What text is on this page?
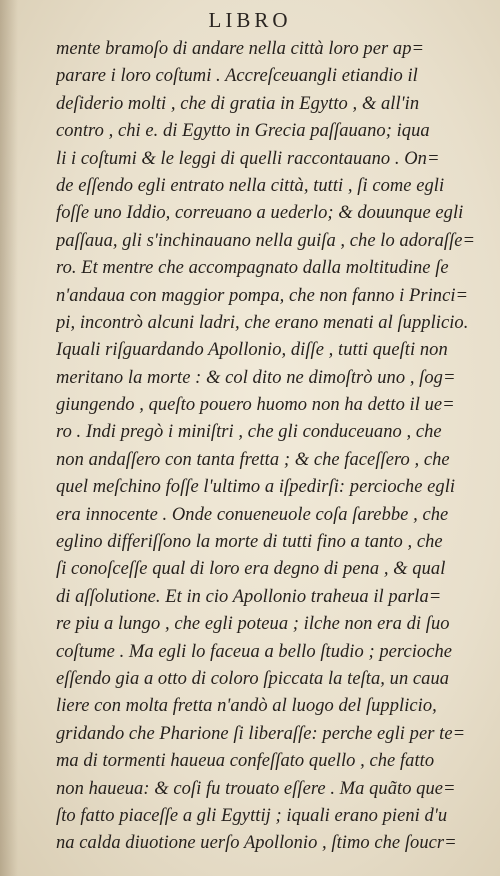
LIBRO
mente bramoſo di andare nella città loro per ap=
parare i loro coſtumi . Accreſceuangli etiandio il
deſiderio molti , che di gratia in Egytto , & all'in
contro , chi e. di Egytto in Grecia paſſauano; iqua
li i coſtumi & le leggi di quelli raccontauano . On=
de eſſendo egli entrato nella città, tutti , ſi come egli
foſſe uno Iddio, correuano a uederlo; & douunque egli
paſſaua, gli s'inchinauano nella guiſa , che lo adoraſſe=
ro. Et mentre che accompagnato dalla moltitudine ſe
n'andaua con maggior pompa, che non fanno i Princi=
pi, incontrò alcuni ladri, che erano menati al ſupplicio.
Iquali riſguardando Apollonio, diſſe , tutti queſti non
meritano la morte : & col dito ne dimoſtrò uno , ſog=
giungendo , queſto pouero huomo non ha detto il ue=
ro . Indi pregò i miniſtri , che gli conduceuano , che
non andaſſero con tanta fretta ; & che faceſſero , che
quel meſchino foſſe l'ultimo a iſpedirſi: percioche egli
era innocente . Onde conueneuole coſa ſarebbe , che
eglino differiſſono la morte di tutti fino a tanto , che
ſi conoſceſſe qual di loro era degno di pena , & qual
di aſſolutione. Et in cio Apollonio traheua il parla=
re piu a lungo , che egli poteua ; ilche non era di ſuo
coſtume . Ma egli lo faceua a bello ſtudio ; percioche
eſſendo gia a otto di coloro ſpiccata la teſta, un caua
liere con molta fretta n'andò al luogo del ſupplicio,
gridando che Pharione ſi liberaſſe: perche egli per te=
ma di tormenti haueua confeſſato quello , che fatto
non haueua: & coſi fu trouato eſſere . Ma quãto que=
ſto fatto piaceſſe a gli Egyttij ; iquali erano pieni d'u
na calda diuotione uerſo Apollonio , ſtimo che ſoucr=
